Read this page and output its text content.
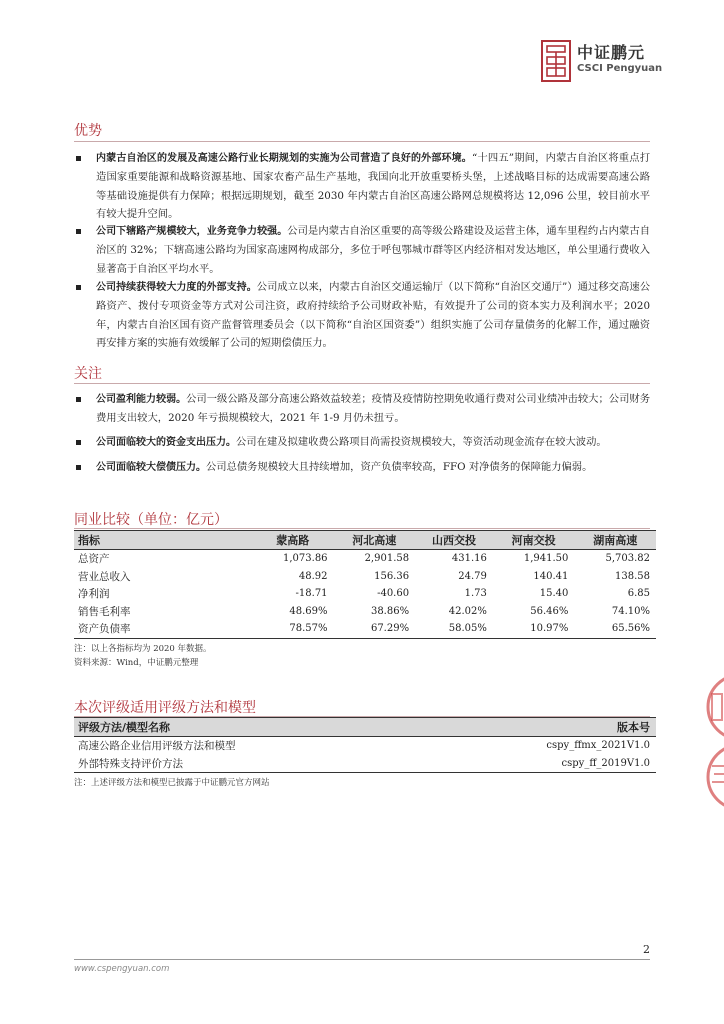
中证鹏元
CSCI Pengyuan
优势
内蒙古自治区的发展及高速公路行业长期规划的实施为公司营造了良好的外部环境。“十四五”期间，内蒙古自治区将重点打造国家重要能源和战略资源基地、国家农畜产品生产基地，我国向北开放重要桥头堡，上述战略目标的达成需要高速公路等基础设施提供有力保障；根据远期规划，截至 2030 年内蒙古自治区高速公路网总规模将达 12,096 公里，较目前水平有较大提升空间。
公司下辖路产规模较大，业务竞争力较强。公司是内蒙古自治区重要的高等级公路建设及运营主体，通车里程约占内蒙古自治区的 32%；下辖高速公路均为国家高速网构成部分，多位于呼包鄂城市群等区内经济相对发达地区，单公里通行费收入显著高于自治区平均水平。
公司持续获得较大力度的外部支持。公司成立以来，内蒙古自治区交通运输厅（以下简称“自治区交通厅”）通过移交高速公路资产、拨付专项资金等方式对公司注资，政府持续给予公司财政补贴，有效提升了公司的资本实力及利润水平；2020 年，内蒙古自治区国有资产监督管理委员会（以下简称“自治区国资委”）组织实施了公司存量债务的化解工作，通过融资再安排方案的实施有效缓解了公司的短期偿债压力。
关注
公司盈利能力较弱。公司一级公路及部分高速公路效益较差；疫情及疫情防控期免收通行费对公司业绩冲击较大；公司财务费用支出较大，2020 年亏损规模较大，2021 年 1-9 月仍未扭亏。
公司面临较大的资金支出压力。公司在建及拟建收费公路项目尚需投资规模较大，等资活动现金流存在较大波动。
公司面临较大偿债压力。公司总债务规模较大且持续增加，资产负债率较高，FFO 对净债务的保障能力偏弱。
同业比较（单位：亿元）
指标	蒙高路	河北高速	山西交投	河南交投	湖南高速
总资产	1,073.86	2,901.58	431.16	1,941.50	5,703.82
营业总收入	48.92	156.36	24.79	140.41	138.58
净利润	-18.71	-40.60	1.73	15.40	6.85
销售毛利率	48.69%	38.86%	42.02%	56.46%	74.10%
资产负债率	78.57%	67.29%	58.05%	10.97%	65.56%
注：以上各指标均为 2020 年数据。
资料来源：Wind，中证鹏元整理
本次评级适用评级方法和模型
评级方法/模型名称	版本号
高速公路企业信用评级方法和模型	cspy_ffmx_2021V1.0
外部特殊支持评价方法	cspy_ff_2019V1.0
注：上述评级方法和模型已披露于中证鹏元官方网站
2
www.cspengyuan.com
